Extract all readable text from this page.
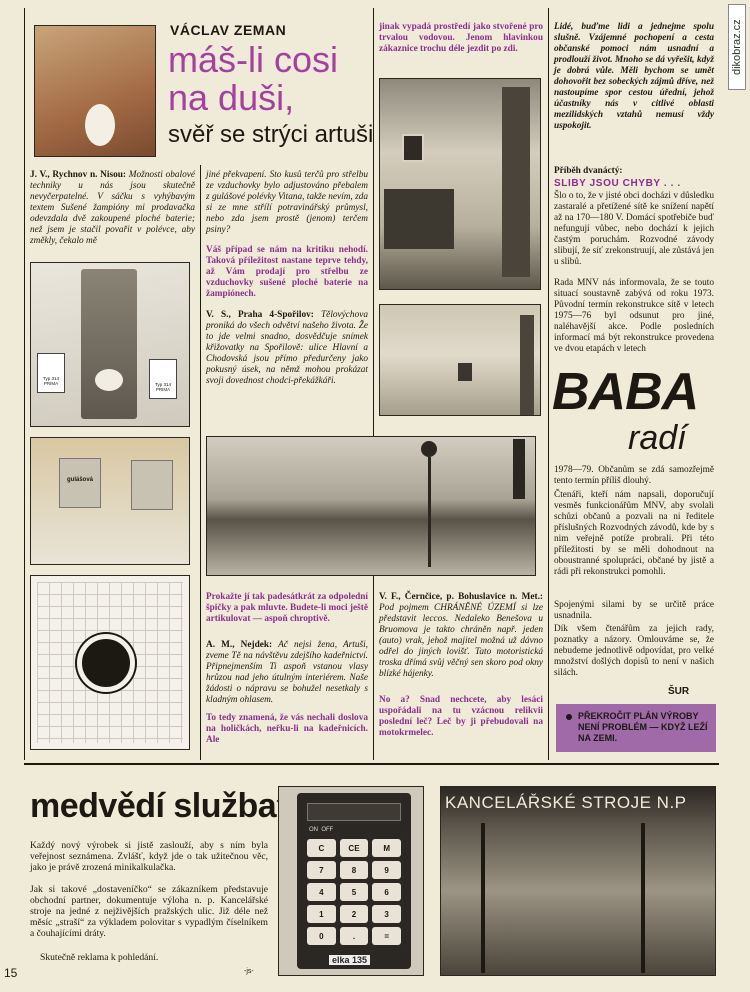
dikobraz.cz
VÁCLAV ZEMAN
máš-li cosi
na duši,
svěř se strýci artuši
J. V., Rychnov n. Nisou: Možnosti obalové techniky u nás jsou skutečně nevyčerpatelné. V sáčku s vyhýbavým textem Sušené žampióny mi prodavačka odevzdala dvě zakoupené ploché baterie; než jsem je stačil povařit v polévce, aby změkly, čekalo mě
Typ 314 PRIMA	Typ 314 PRIMA
gulášová
jiné překvapení. Sto kusů terčů pro střelbu ze vzduchovky bylo adjustováno přebalem z gulášové polévky Vitana, takže nevím, zda si ze mne střílí potravinářský průmysl, nebo zda jsem prostě (jenom) terčem psiny?
Váš případ se nám na kritiku nehodí. Taková příležitost nastane teprve tehdy, až Vám prodají pro střelbu ze vzduchovky sušené ploché baterie na žampiónech.
V. S., Praha 4-Spořilov: Tělovýchova proniká do všech odvětví našeho života. Že to jde velmi snadno, dosvědčuje snímek křižovatky na Spořilově: ulice Hlavní a Chodovská jsou přímo předurčeny jako pokusný úsek, na němž mohou prokázat svoji dovednost chodci-překážkáři.
Prokažte jí tak padesátkrát za odpolední špičky a pak mluvte. Budete-li moci ještě artikulovat — aspoň chroptivě.
A. M., Nejdek: Ač nejsi žena, Artuši, zveme Tě na návštěvu zdejšího kadeřnictví. Připnejmenším Ti aspoň vstanou vlasy hrůzou nad jeho útulným interiérem. Naše žádosti o nápravu se bohužel nesetkaly s kladným ohlasem.
To tedy znamená, že vás nechali doslova na holičkách, neřku-li na kadeřnicích. Ale
jinak vypadá prostředí jako stvořené pro trvalou vodovou. Jenom hlavinkou zákaznice trochu déle jezdit po zdi.
V. F., Černčice, p. Bohuslavice n. Met.: Pod pojmem CHRÁNĚNÉ ÚZEMÍ si lze představit leccos. Nedaleko Benešova u Bruomova je takto chráněn např. jeden (auto) vrak, jehož majitel možná už dávno odřel do jiných lovišť. Tato motoristická troska dřímá svůj věčný sen skoro pod okny blízké hájenky.
No a? Snad nechcete, aby lesáci uspořádali na tu vzácnou relikvii poslední leč? Leč by ji přebudovali na motokrmelec.
Lidé, buďme lidi a jednejme spolu slušně. Vzájemné pochopení a cesta občanské pomoci nám usnadní a prodlouží život. Mnoho se dá vyřešit, když je dobrá vůle. Měli bychom se umět dohovořit bez sobeckých zájmů dříve, než nastoupíme spor cestou úřední, jehož účastníky nás v citlivé oblasti mezilidských vztahů nemusí vždy uspokojit.
Příběh dvanáctý:
SLIBY JSOU CHYBY . . .
Šlo o to, že v jisté obci docházi v důsledku zastaralé a přetížené sítě ke snížení napětí až na 170—180 V. Domácí spotřebiče buď nefungují vůbec, nebo dochází k jejich častým poruchám. Rozvodné závody slibují, že síť zrekonstruují, ale zůstává jen u slibů.
Rada MNV nás informovala, že se touto situací soustavně zabývá od roku 1973. Původní termín rekonstrukce sítě v letech 1975—76 byl odsunut pro jiné, naléhavější akce. Podle posledních informací má být rekonstrukce provedena ve dvou etapách v letech
BABA
radí
1978—79. Občanům se zdá samozřejmě tento termín příliš dlouhý.
Čtenáři, kteří nám napsali, doporučují vesměs funkcionářům MNV, aby svolali schůzi občanů a pozvali na ni ředitele příslušných Rozvodných závodů, kde by s nim veřejně potíže probrali. Při této příležitosti by se měli dohodnout na oboustranné spolupráci, občané by jistě a rádi při rekonstrukci pomohli.
Spojenými silami by se určitě práce usnadnila.
Dík všem čtenářům za jejich rady, poznatky a názory. Omlouváme se, že nebudeme jednotlivě odpovídat, pro velké množství došlých dopisů to není v našich silách.
ŠUR
PŘEKROČIT PLÁN VÝROBY NENÍ PROBLÉM — KDYŽ LEŽÍ NA ZEMI.
medvědí služba
Každý nový výrobek si jistě zaslouží, aby s ním byla veřejnost seznámena. Zvlášť, když jde o tak užitečnou věc, jako je právě zrozená minikalkulačka.
Jak si takové „dostaveníčko“ se zákazníkem představuje obchodní partner, dokumentuje výloha n. p. Kancelářské stroje na jedné z nejživějších pražských ulic. Již déle než měsíc „straší“ za výkladem polovitar s vypadlým číselníkem a čouhajícími dráty.
Skutečně reklama k pohledání.
ON  OFF
C	CE	M
7	8	9
4	5	6
1	2	3
0	.	=
elka 135
KANCELÁŘSKÉ STROJE N.P
15	-js-
